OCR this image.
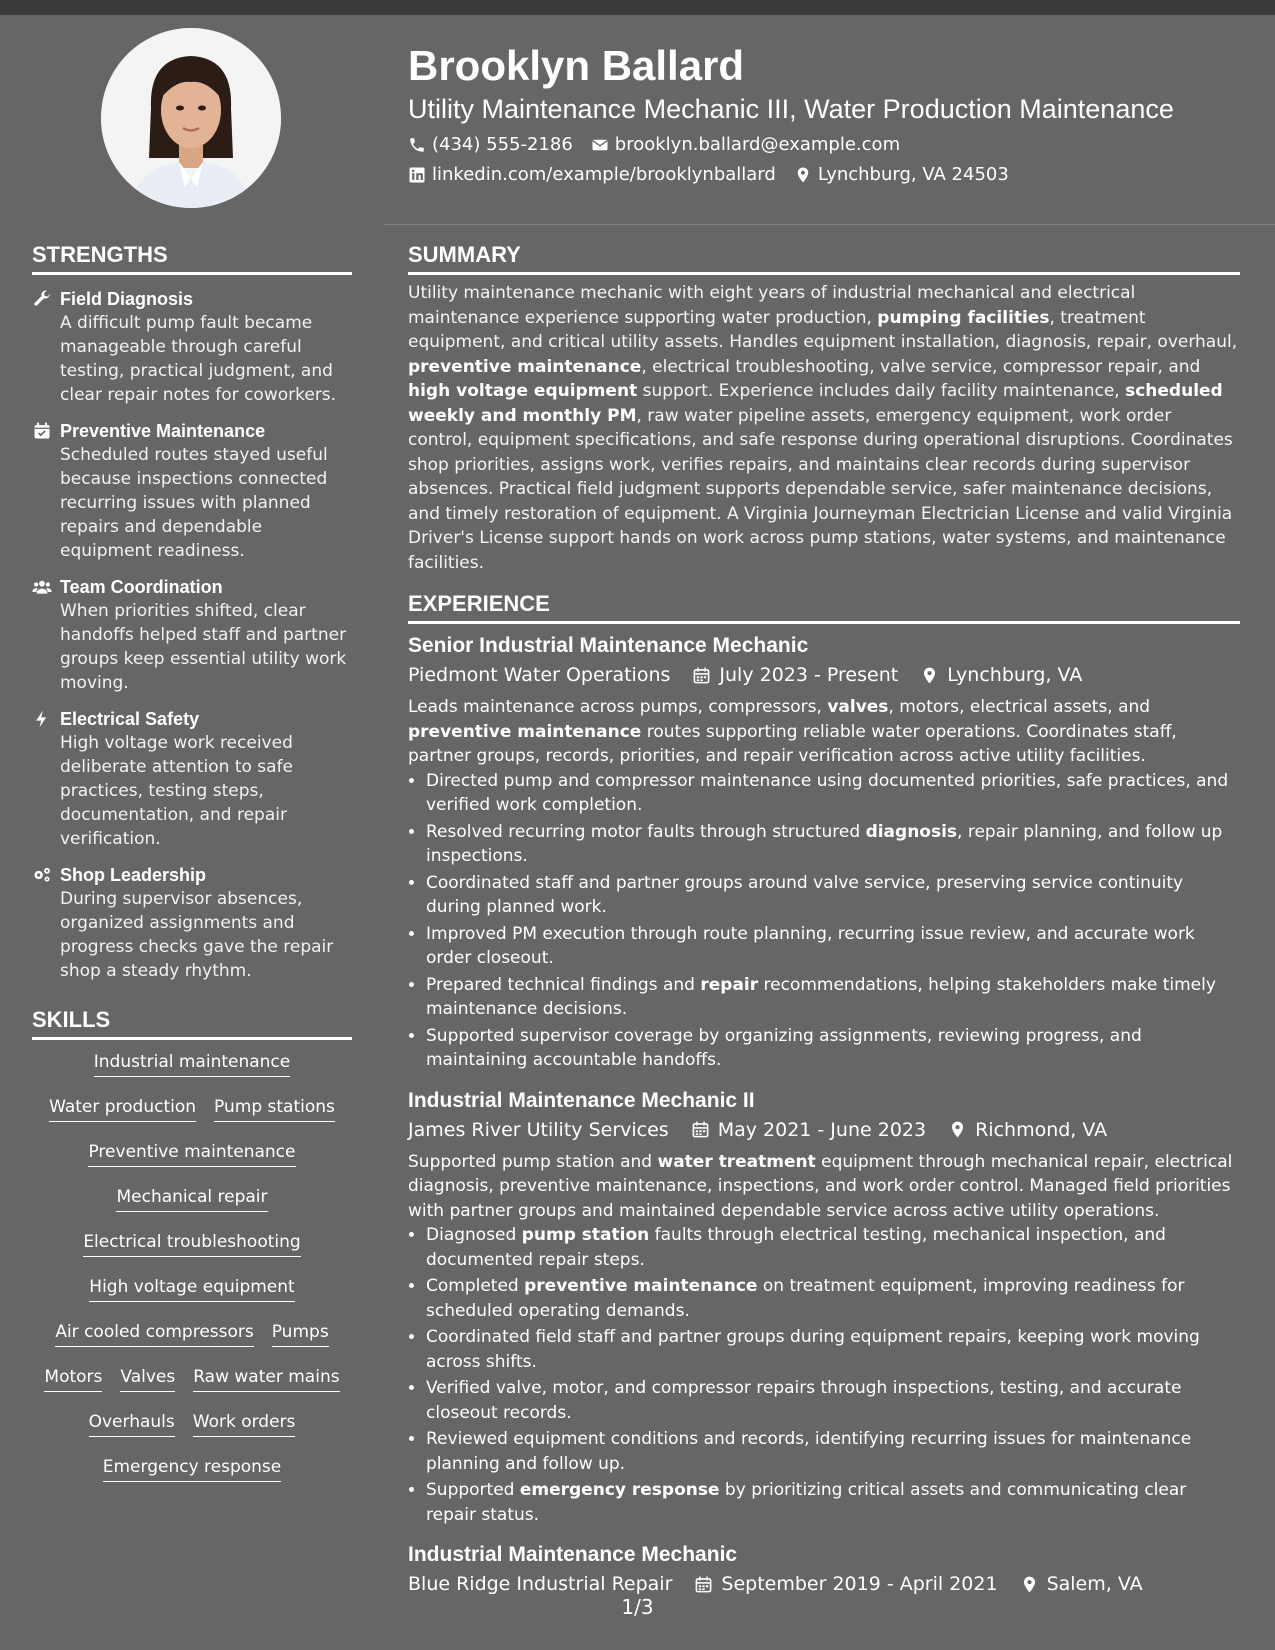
Brooklyn Ballard
Utility Maintenance Mechanic III, Water Production Maintenance
(434) 555-2186 brooklyn.ballard@example.com
linkedin.com/example/brooklynballard Lynchburg, VA 24503
STRENGTHS
Field Diagnosis
A difficult pump fault became manageable through careful testing, practical judgment, and clear repair notes for coworkers.
Preventive Maintenance
Scheduled routes stayed useful because inspections connected recurring issues with planned repairs and dependable equipment readiness.
Team Coordination
When priorities shifted, clear handoffs helped staff and partner groups keep essential utility work moving.
Electrical Safety
High voltage work received deliberate attention to safe practices, testing steps, documentation, and repair verification.
Shop Leadership
During supervisor absences, organized assignments and progress checks gave the repair shop a steady rhythm.
SKILLS
Industrial maintenance
Water production Pump stations
Preventive maintenance
Mechanical repair
Electrical troubleshooting
High voltage equipment
Air cooled compressors Pumps
Motors Valves Raw water mains
Overhauls Work orders
Emergency response
SUMMARY
Utility maintenance mechanic with eight years of industrial mechanical and electrical maintenance experience supporting water production, pumping facilities, treatment equipment, and critical utility assets. Handles equipment installation, diagnosis, repair, overhaul, preventive maintenance, electrical troubleshooting, valve service, compressor repair, and high voltage equipment support. Experience includes daily facility maintenance, scheduled weekly and monthly PM, raw water pipeline assets, emergency equipment, work order control, equipment specifications, and safe response during operational disruptions. Coordinates shop priorities, assigns work, verifies repairs, and maintains clear records during supervisor absences. Practical field judgment supports dependable service, safer maintenance decisions, and timely restoration of equipment. A Virginia Journeyman Electrician License and valid Virginia Driver's License support hands on work across pump stations, water systems, and maintenance facilities.
EXPERIENCE
Senior Industrial Maintenance Mechanic
Piedmont Water Operations	July 2023 - Present	Lynchburg, VA
Leads maintenance across pumps, compressors, valves, motors, electrical assets, and preventive maintenance routes supporting reliable water operations. Coordinates staff, partner groups, records, priorities, and repair verification across active utility facilities.
• Directed pump and compressor maintenance using documented priorities, safe practices, and verified work completion.
• Resolved recurring motor faults through structured diagnosis, repair planning, and follow up inspections.
• Coordinated staff and partner groups around valve service, preserving service continuity during planned work.
• Improved PM execution through route planning, recurring issue review, and accurate work order closeout.
• Prepared technical findings and repair recommendations, helping stakeholders make timely maintenance decisions.
• Supported supervisor coverage by organizing assignments, reviewing progress, and maintaining accountable handoffs.
Industrial Maintenance Mechanic II
James River Utility Services	May 2021 - June 2023	Richmond, VA
Supported pump station and water treatment equipment through mechanical repair, electrical diagnosis, preventive maintenance, inspections, and work order control. Managed field priorities with partner groups and maintained dependable service across active utility operations.
• Diagnosed pump station faults through electrical testing, mechanical inspection, and documented repair steps.
• Completed preventive maintenance on treatment equipment, improving readiness for scheduled operating demands.
• Coordinated field staff and partner groups during equipment repairs, keeping work moving across shifts.
• Verified valve, motor, and compressor repairs through inspections, testing, and accurate closeout records.
• Reviewed equipment conditions and records, identifying recurring issues for maintenance planning and follow up.
• Supported emergency response by prioritizing critical assets and communicating clear repair status.
Industrial Maintenance Mechanic
Blue Ridge Industrial Repair	September 2019 - April 2021	Salem, VA
1/3
